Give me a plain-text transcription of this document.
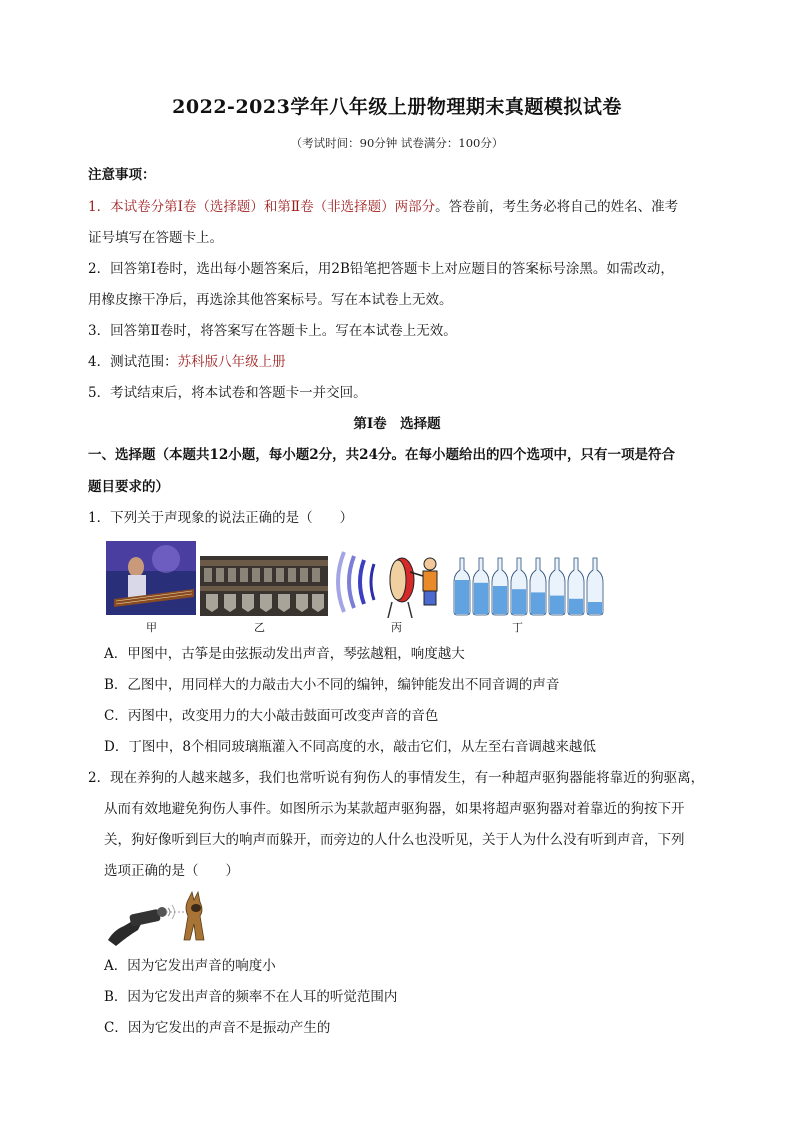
2022-2023学年八年级上册物理期末真题模拟试卷
（考试时间：90分钟 试卷满分：100分）
注意事项：
1．本试卷分第Ⅰ卷（选择题）和第Ⅱ卷（非选择题）两部分。答卷前，考生务必将自己的姓名、准考
证号填写在答题卡上。
2．回答第Ⅰ卷时，选出每小题答案后，用2B铅笔把答题卡上对应题目的答案标号涂黑。如需改动，
用橡皮擦干净后，再选涂其他答案标号。写在本试卷上无效。
3．回答第Ⅱ卷时，将答案写在答题卡上。写在本试卷上无效。
4．测试范围：苏科版八年级上册
5．考试结束后，将本试卷和答题卡一并交回。
第Ⅰ卷　选择题
一、选择题（本题共12小题，每小题2分，共24分。在每小题给出的四个选项中，只有一项是符合
题目要求的）
1．下列关于声现象的说法正确的是（　　）
甲	乙	丙	丁
A．甲图中，古筝是由弦振动发出声音，琴弦越粗，响度越大
B．乙图中，用同样大的力敲击大小不同的编钟，编钟能发出不同音调的声音
C．丙图中，改变用力的大小敲击鼓面可改变声音的音色
D．丁图中，8个相同玻璃瓶灌入不同高度的水，敲击它们，从左至右音调越来越低
2．现在养狗的人越来越多，我们也常听说有狗伤人的事情发生，有一种超声驱狗器能将靠近的狗驱离，
从而有效地避免狗伤人事件。如图所示为某款超声驱狗器，如果将超声驱狗器对着靠近的狗按下开
关，狗好像听到巨大的响声而躲开，而旁边的人什么也没听见，关于人为什么没有听到声音，下列
选项正确的是（　　）
A．因为它发出声音的响度小
B．因为它发出声音的频率不在人耳的听觉范围内
C．因为它发出的声音不是振动产生的
